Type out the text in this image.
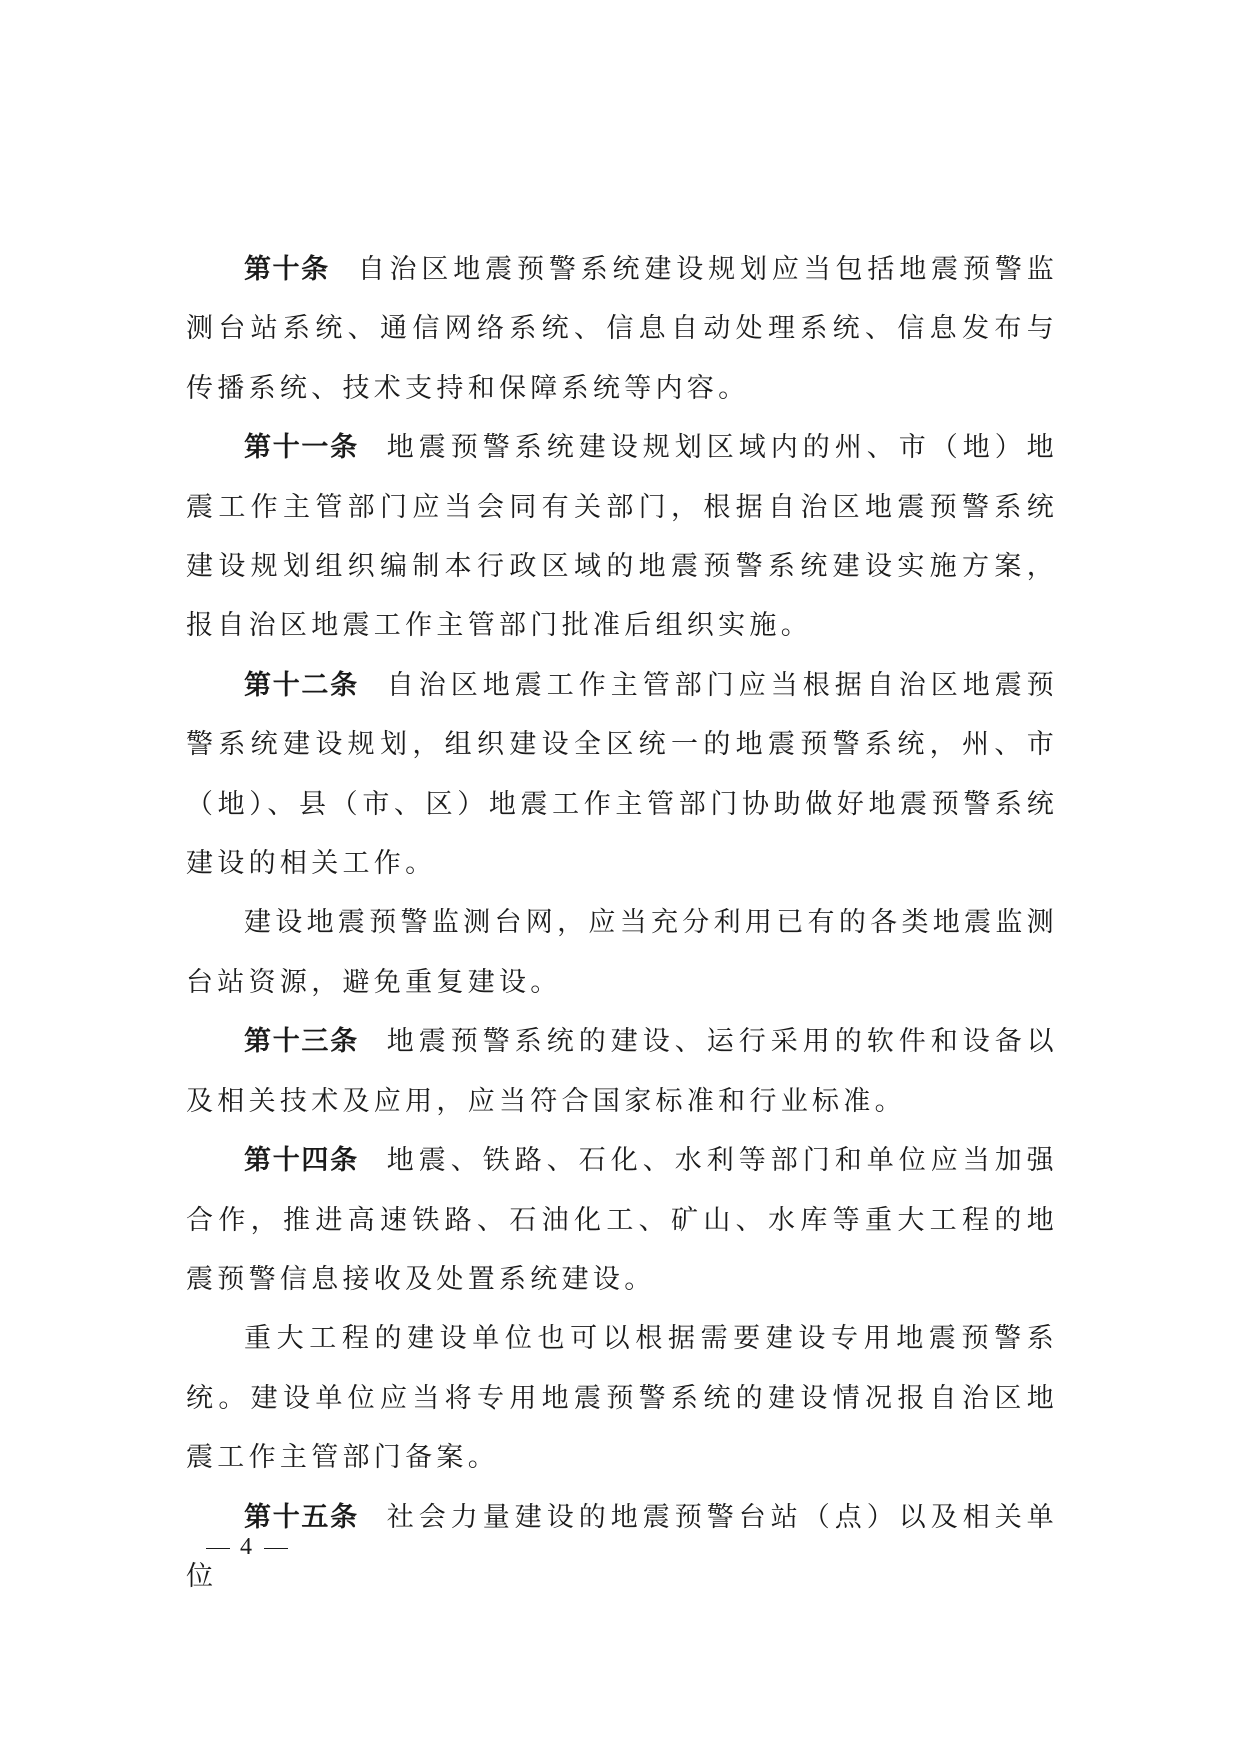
第十条 自治区地震预警系统建设规划应当包括地震预警监测台站系统、通信网络系统、信息自动处理系统、信息发布与传播系统、技术支持和保障系统等内容。

第十一条 地震预警系统建设规划区域内的州、市（地）地震工作主管部门应当会同有关部门，根据自治区地震预警系统建设规划组织编制本行政区域的地震预警系统建设实施方案，报自治区地震工作主管部门批准后组织实施。

第十二条 自治区地震工作主管部门应当根据自治区地震预警系统建设规划，组织建设全区统一的地震预警系统，州、市（地）、县（市、区）地震工作主管部门协助做好地震预警系统建设的相关工作。

建设地震预警监测台网，应当充分利用已有的各类地震监测台站资源，避免重复建设。

第十三条 地震预警系统的建设、运行采用的软件和设备以及相关技术及应用，应当符合国家标准和行业标准。

第十四条 地震、铁路、石化、水利等部门和单位应当加强合作，推进高速铁路、石油化工、矿山、水库等重大工程的地震预警信息接收及处置系统建设。

重大工程的建设单位也可以根据需要建设专用地震预警系统。建设单位应当将专用地震预警系统的建设情况报自治区地震工作主管部门备案。

第十五条 社会力量建设的地震预警台站（点）以及相关单位

4
